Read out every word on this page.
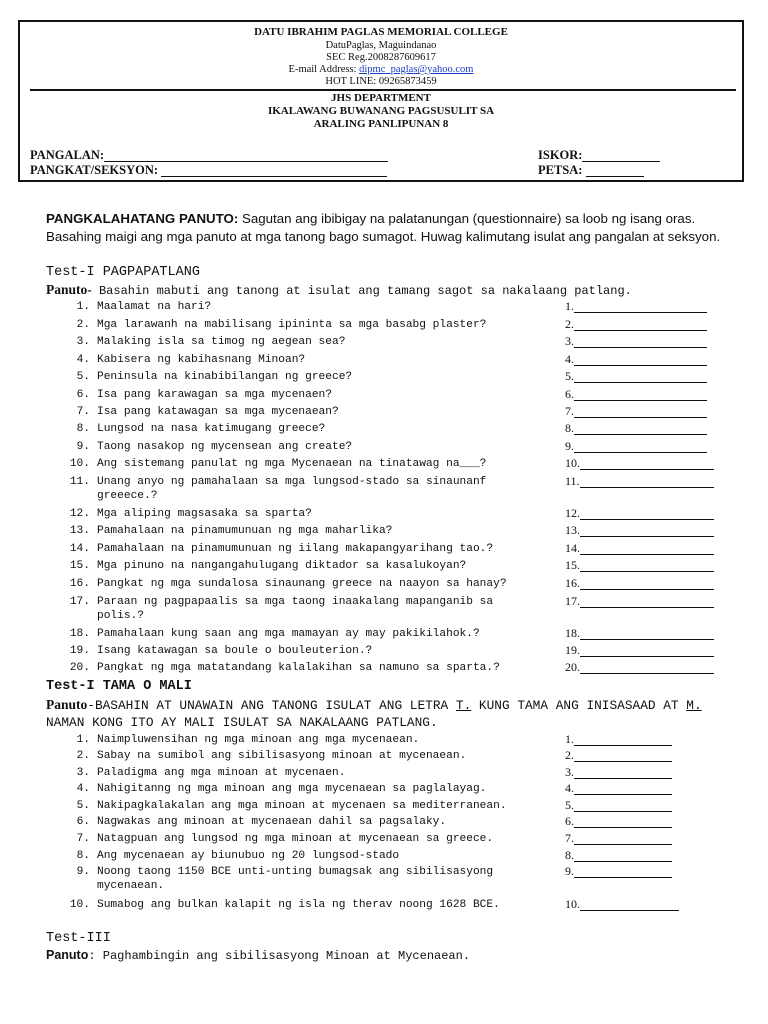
DATU IBRAHIM PAGLAS MEMORIAL COLLEGE
DatuPaglas, Maguindanao
SEC Reg.2008287609617
E-mail Address: dipmc_paglas@yahoo.com
HOT LINE: 09265873459
JHS DEPARTMENT
IKALAWANG BUWANANG PAGSUSULIT SA
ARALING PANLIPUNAN 8
PANGALAN:
PANGKAT/SEKSYON:
ISKOR:
PETSA:
PANGKALAHATANG PANUTO: Sagutan ang ibibigay na palatanungan (questionnaire) sa loob ng isang oras.
Basahing maigi ang mga panuto at mga tanong bago sumagot. Huwag kalimutang isulat ang pangalan at seksyon.
Test-I PAGPAPATLANG
Panuto- Basahin mabuti ang tanong at isulat ang tamang sagot sa nakalaang patlang.
1. Maalamat na hari?	1.
2. Mga larawanh na mabilisang ipininta sa mga basabg plaster?	2.
3. Malaking isla sa timog ng aegean sea?	3.
4. Kabisera ng kabihasnang Minoan?	4.
5. Peninsula na kinabibilangan ng greece?	5.
6. Isa pang karawagan sa mga mycenaen?	6.
7. Isa pang katawagan sa mga mycenaean?	7.
8. Lungsod na nasa katimugang greece?	8.
9. Taong nasakop ng mycensean ang create?	9.
10. Ang sistemang panulat ng mga Mycenaean na tinatawag na___?	10.
11. Unang anyo ng pamahalaan sa mga lungsod-stado sa sinaunanf
greeece.?
11.
12. Mga aliping magsasaka sa sparta?	12.
13. Pamahalaan na pinamumunuan ng mga maharlika?	13.
14. Pamahalaan na pinamumunuan ng iilang makapangyarihang tao.?	14.
15. Mga pinuno na nangangahulugang diktador sa kasalukoyan?	15.
16. Pangkat ng mga sundalosa sinaunang greece na naayon sa hanay?	16.
17. Paraan ng pagpapaalis sa mga taong inaakalang mapanganib sa
polis.?
17.
18. Pamahalaan kung saan ang mga mamayan ay may pakikilahok.?	18.
19. Isang katawagan sa boule o bouleuterion.?	19.
20. Pangkat ng mga matatandang kalalakihan sa namuno sa sparta.?	20.
Test-I TAMA O MALI
Panuto-BASAHIN AT UNAWAIN ANG TANONG ISULAT ANG LETRA T. KUNG TAMA ANG INISASAAD AT M.
NAMAN KONG ITO AY MALI ISULAT SA NAKALAANG PATLANG.
1. Naimpluwensihan ng mga minoan ang mga mycenaean.	1.
2. Sabay na sumibol ang sibilisasyong minoan at mycenaean.	2.
3. Paladigma ang mga minoan at mycenaen.	3.
4. Nahigitanng ng mga minoan ang mga mycenaean sa paglalayag.	4.
5. Nakipagkalakalan ang mga minoan at mycenaen sa mediterranean.	5.
6. Nagwakas ang minoan at mycenaean dahil sa pagsalaky.	6.
7. Natagpuan ang lungsod ng mga minoan at mycenaean sa greece.	7.
8. Ang mycenaean ay biunubuo ng 20 lungsod-stado	8.
9. Noong taong 1150 BCE unti-unting bumagsak ang sibilisasyong
mycenaean.
9.
10. Sumabog ang bulkan kalapit ng isla ng therav noong 1628 BCE.	10.
Test-III
Panuto: Paghambingin ang sibilisasyong Minoan at Mycenaean.
